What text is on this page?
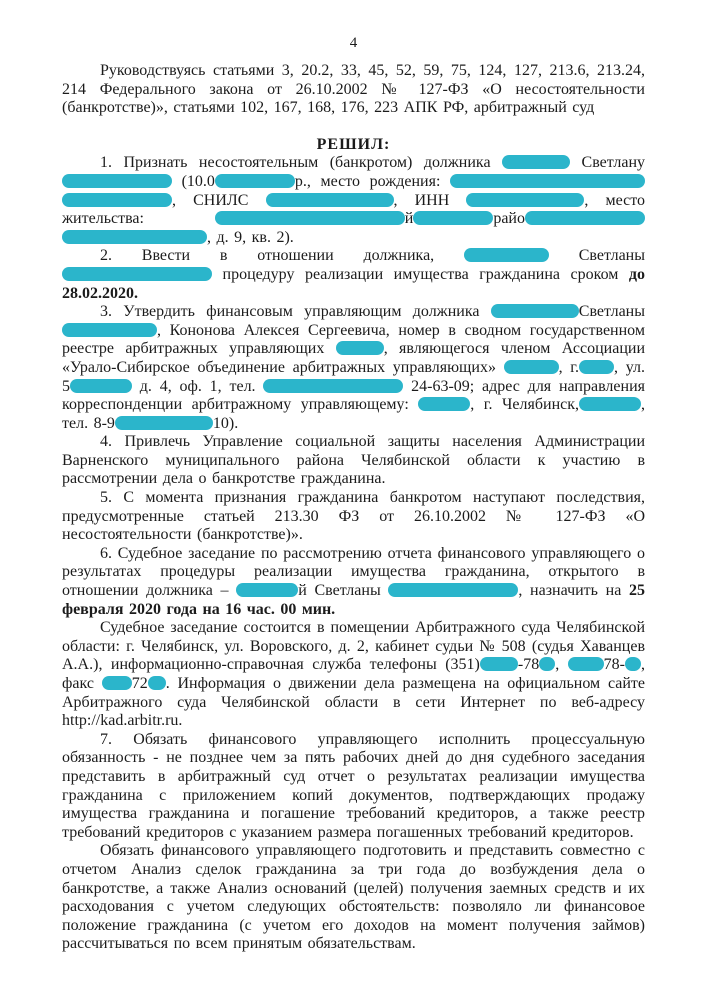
4

Руководствуясь статьями 3, 20.2, 33, 45, 52, 59, 75, 124, 127, 213.6, 213.24, 214 Федерального закона от 26.10.2002 № 127-ФЗ «О несостоятельности (банкротстве)», статьями 102, 167, 168, 176, 223 АПК РФ, арбитражный суд

РЕШИЛ:

1. Признать несостоятельным (банкротом) должника	Светлану  (10.0	р., место рождения:  , СНИЛС	, ИНН	, место жительства:	й	райо , д. 9, кв. 2).

2. Ввести в отношении должника,	Светланы  процедуру реализации имущества гражданина сроком до 28.02.2020.

3. Утвердить финансовым управляющим должника	Светланы , Кононова Алексея Сергеевича, номер в сводном государственном реестре арбитражных управляющих	, являющегося членом Ассоциации «Урало-Сибирское объединение арбитражных управляющих»	, г. , ул. 5	д. 4, оф. 1, тел.	24-63-09; адрес для направления корреспонденции арбитражному управляющему:	, г. Челябинск,	, тел. 8-9	10).

4. Привлечь Управление социальной защиты населения Администрации Варненского муниципального района Челябинской области к участию в рассмотрении дела о банкротстве гражданина.

5. С момента признания гражданина банкротом наступают последствия, предусмотренные статьей 213.30 ФЗ от 26.10.2002 № 127-ФЗ «О несостоятельности (банкротстве)».

6. Судебное заседание по рассмотрению отчета финансового управляющего о результатах процедуры реализации имущества гражданина, открытого в отношении должника –	й Светланы	, назначить на 25 февраля 2020 года на 16 час. 00 мин.

Судебное заседание состоится в помещении Арбитражного суда Челябинской области: г. Челябинск, ул. Воровского, д. 2, кабинет судьи № 508 (судья Хаванцев А.А.), информационно-справочная служба телефоны (351) -78 , 78- , факс 72 . Информация о движении дела размещена на официальном сайте Арбитражного суда Челябинской области в сети Интернет по веб-адресу http://kad.arbitr.ru.

7. Обязать финансового управляющего исполнить процессуальную обязанность - не позднее чем за пять рабочих дней до дня судебного заседания представить в арбитражный суд отчет о результатах реализации имущества гражданина с приложением копий документов, подтверждающих продажу имущества гражданина и погашение требований кредиторов, а также реестр требований кредиторов с указанием размера погашенных требований кредиторов.

Обязать финансового управляющего подготовить и представить совместно с отчетом Анализ сделок гражданина за три года до возбуждения дела о банкротстве, а также Анализ оснований (целей) получения заемных средств и их расходования с учетом следующих обстоятельств: позволяло ли финансовое положение гражданина (с учетом его доходов на момент получения займов) рассчитываться по всем принятым обязательствам.
